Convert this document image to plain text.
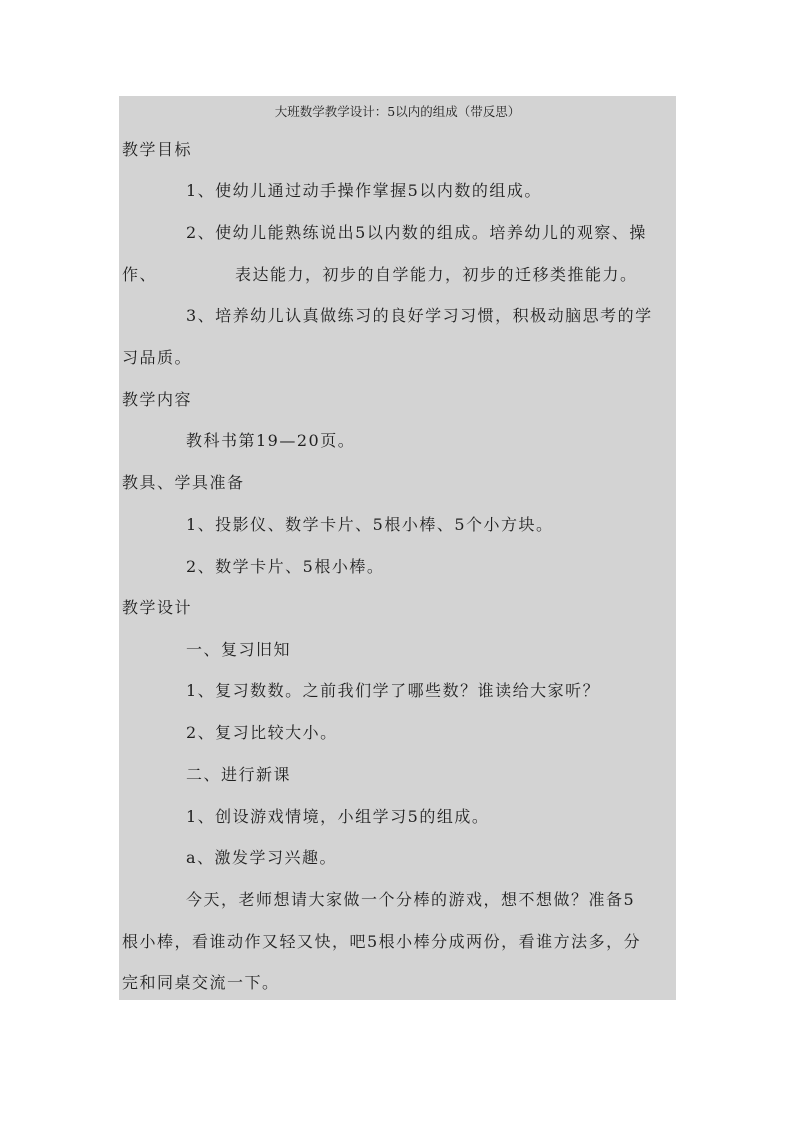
大班数学教学设计：5以内的组成（带反思）
教学目标
1、使幼儿通过动手操作掌握5以内数的组成。
2、使幼儿能熟练说出5以内数的组成。培养幼儿的观察、操
作、	表达能力，初步的自学能力，初步的迁移类推能力。
3、培养幼儿认真做练习的良好学习习惯，积极动脑思考的学
习品质。
教学内容
教科书第19—20页。
教具、学具准备
1、投影仪、数学卡片、5根小棒、5个小方块。
2、数学卡片、5根小棒。
教学设计
一、复习旧知
1、复习数数。之前我们学了哪些数？谁读给大家听？
2、复习比较大小。
二、进行新课
1、创设游戏情境，小组学习5的组成。
a、激发学习兴趣。
今天，老师想请大家做一个分棒的游戏，想不想做？准备5
根小棒，看谁动作又轻又快，吧5根小棒分成两份，看谁方法多，分
完和同桌交流一下。
